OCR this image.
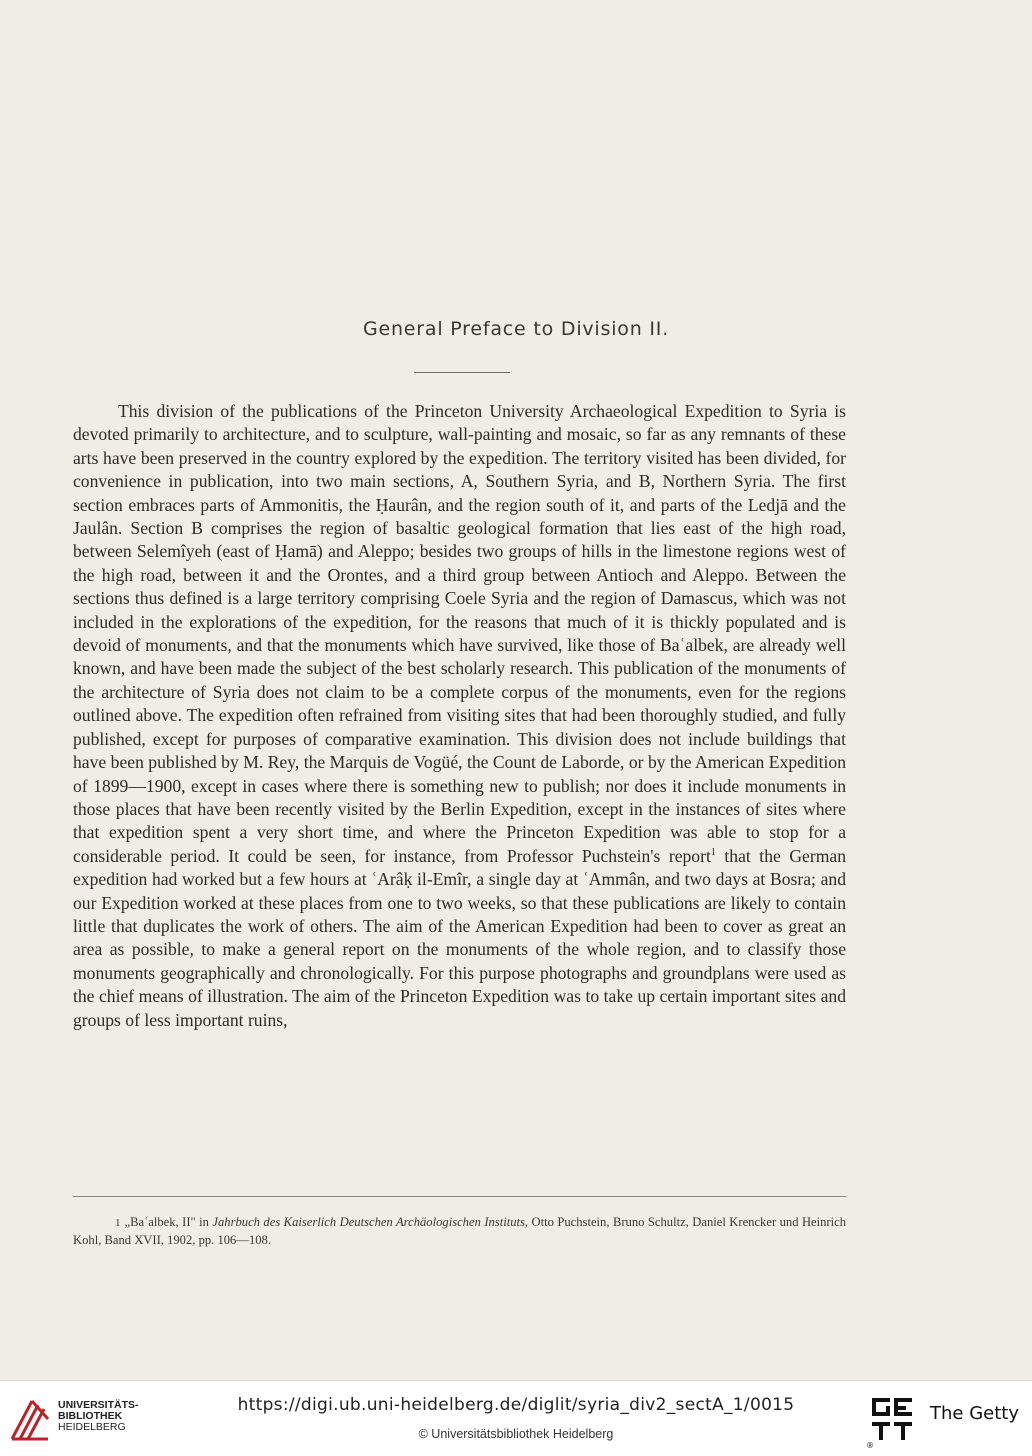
General Preface to Division II.
This division of the publications of the Princeton University Archaeological Expedition to Syria is devoted primarily to architecture, and to sculpture, wall-painting and mosaic, so far as any remnants of these arts have been preserved in the country explored by the expedition. The territory visited has been divided, for convenience in publication, into two main sections, A, Southern Syria, and B, Northern Syria. The first section embraces parts of Ammonitis, the Ḥaurân, and the region south of it, and parts of the Ledjā and the Jaulân. Section B comprises the region of basaltic geological formation that lies east of the high road, between Selemîyeh (east of Ḥamā) and Aleppo; besides two groups of hills in the limestone regions west of the high road, between it and the Orontes, and a third group between Antioch and Aleppo. Between the sections thus defined is a large territory comprising Coele Syria and the region of Damascus, which was not included in the explorations of the expedition, for the reasons that much of it is thickly populated and is devoid of monuments, and that the monuments which have survived, like those of Baʿalbek, are already well known, and have been made the subject of the best scholarly research. This publication of the monuments of the architecture of Syria does not claim to be a complete corpus of the monuments, even for the regions outlined above. The expedition often refrained from visiting sites that had been thoroughly studied, and fully published, except for purposes of comparative examination. This division does not include buildings that have been published by M. Rey, the Marquis de Vogüé, the Count de Laborde, or by the American Expedition of 1899—1900, except in cases where there is something new to publish; nor does it include monuments in those places that have been recently visited by the Berlin Expedition, except in the instances of sites where that expedition spent a very short time, and where the Princeton Expedition was able to stop for a considerable period. It could be seen, for instance, from Professor Puchstein's report$^1$ that the German expedition had worked but a few hours at ʿArâḳ il-Emîr, a single day at ʿAmmân, and two days at Bosra; and our Expedition worked at these places from one to two weeks, so that these publications are likely to contain little that duplicates the work of others. The aim of the American Expedition had been to cover as great an area as possible, to make a general report on the monuments of the whole region, and to classify those monuments geographically and chronologically. For this purpose photographs and groundplans were used as the chief means of illustration. The aim of the Princeton Expedition was to take up certain important sites and groups of less important ruins,
1 „Baʿalbek, II" in Jahrbuch des Kaiserlich Deutschen Archäologischen Instituts, Otto Puchstein, Bruno Schultz, Daniel Krencker und Heinrich Kohl, Band XVII, 1902, pp. 106—108.
UNIVERSITÄTS-
BIBLIOTHEK
HEIDELBERG
https://digi.ub.uni-heidelberg.de/diglit/syria_div2_sectA_1/0015
© Universitätsbibliothek Heidelberg
®
The Getty
